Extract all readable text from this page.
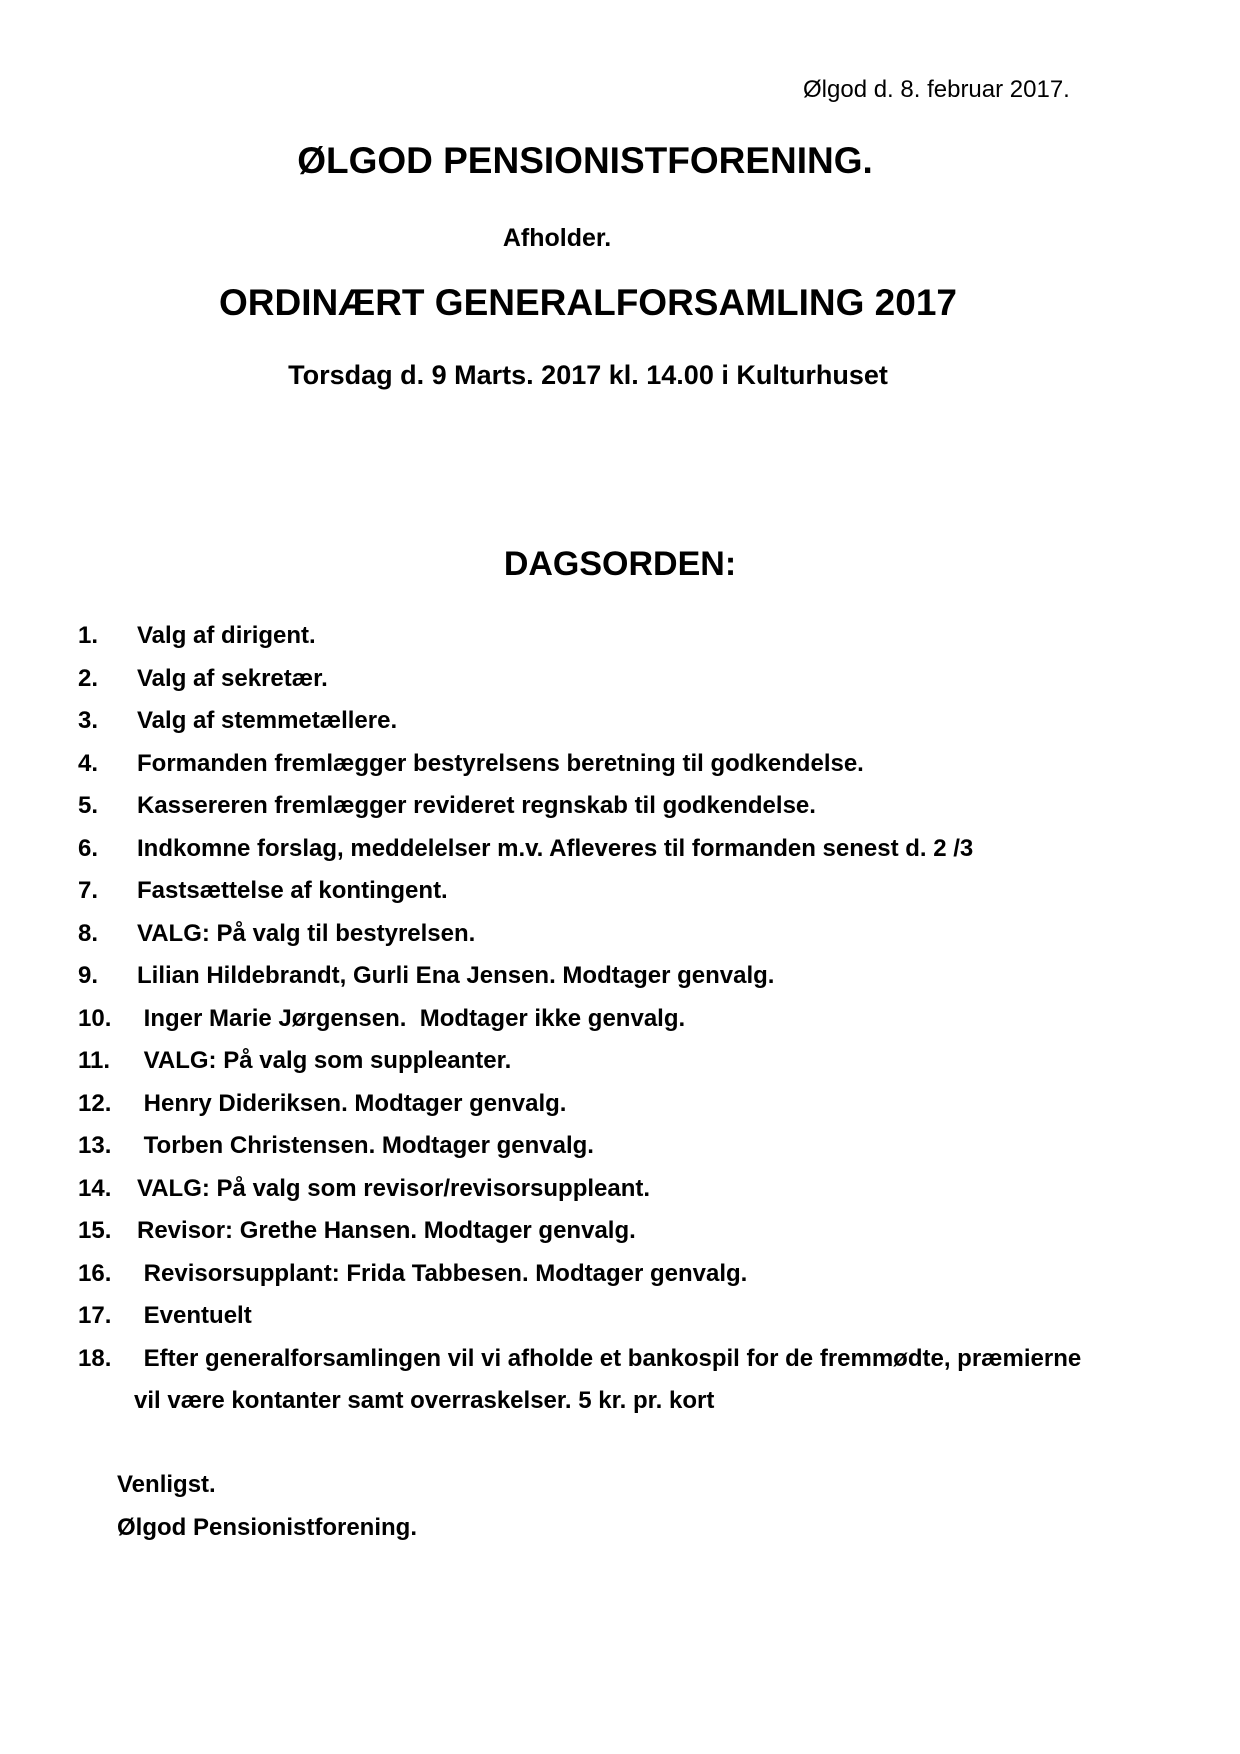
Ølgod d. 8. februar 2017.
ØLGOD PENSIONISTFORENING.
Afholder.
ORDINÆRT GENERALFORSAMLING 2017
Torsdag d. 9 Marts. 2017 kl. 14.00 i Kulturhuset
DAGSORDEN:
1.	Valg af dirigent.
2.	Valg af sekretær.
3.	Valg af stemmetællere.
4.	Formanden fremlægger bestyrelsens beretning til godkendelse.
5.	Kassereren fremlægger revideret regnskab til godkendelse.
6.	Indkomne forslag, meddelelser m.v. Afleveres til formanden senest d. 2 /3
7.	Fastsættelse af kontingent.
8.	VALG: På valg til bestyrelsen.
9.	Lilian Hildebrandt, Gurli Ena Jensen. Modtager genvalg.
10.	Inger Marie Jørgensen.  Modtager ikke genvalg.
11.	VALG: På valg som suppleanter.
12.	Henry Dideriksen. Modtager genvalg.
13.	Torben Christensen. Modtager genvalg.
14.	VALG: På valg som revisor/revisorsuppleant.
15.	Revisor: Grethe Hansen. Modtager genvalg.
16.	Revisorsupplant: Frida Tabbesen. Modtager genvalg.
17.	Eventuelt
18.	Efter generalforsamlingen vil vi afholde et bankospil for de fremmødte, præmierne
vil være kontanter samt overraskelser. 5 kr. pr. kort
Venligst.
Ølgod Pensionistforening.
